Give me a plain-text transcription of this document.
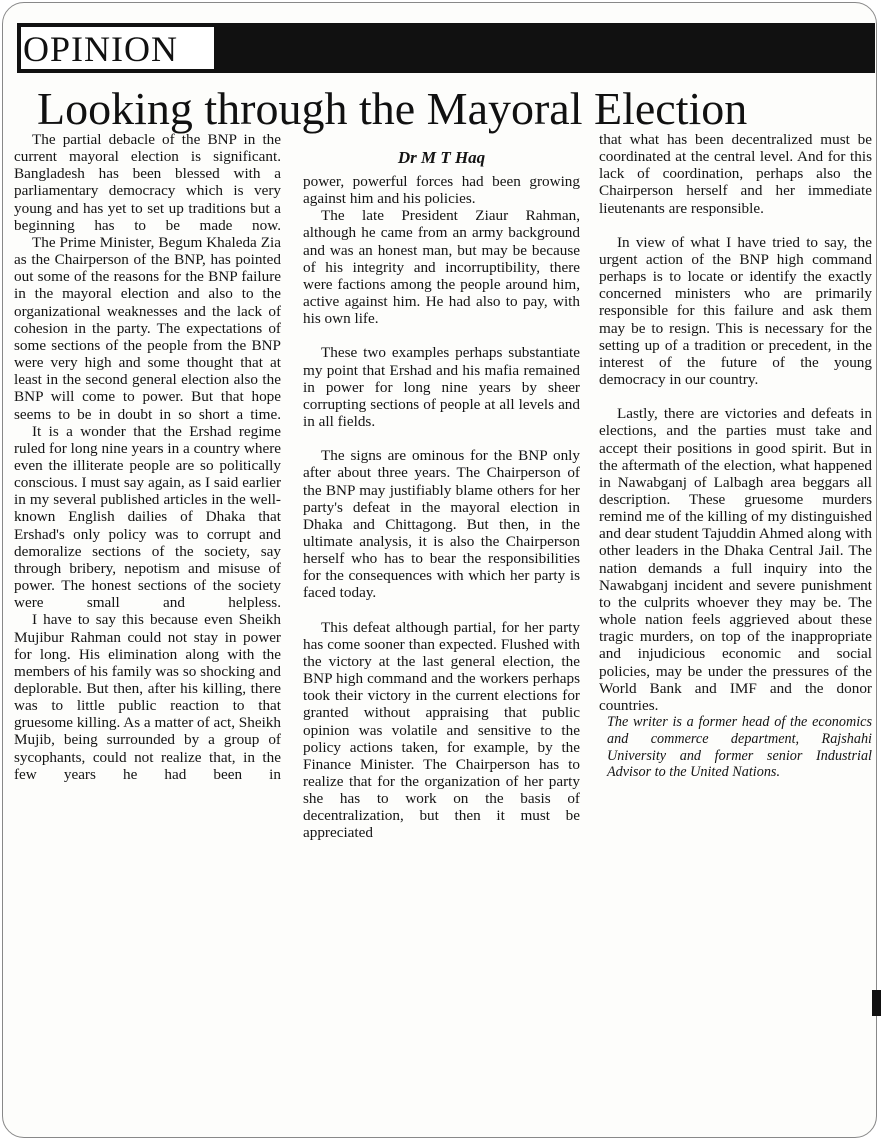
OPINION
Looking through the Mayoral Election

The partial debacle of the BNP in the current mayoral election is significant. Bangladesh has been blessed with a parliamentary democracy which is very young and has yet to set up traditions but a beginning has to be made now.

The Prime Minister, Begum Khaleda Zia as the Chairperson of the BNP, has pointed out some of the reasons for the BNP failure in the mayoral election and also to the organizational weaknesses and the lack of cohesion in the party. The expectations of some sections of the people from the BNP were very high and some thought that at least in the second general election also the BNP will come to power. But that hope seems to be in doubt in so short a time.

It is a wonder that the Ershad regime ruled for long nine years in a country where even the illiterate people are so politically conscious. I must say again, as I said earlier in my several published articles in the well-known English dailies of Dhaka that Ershad's only policy was to corrupt and demoralize sections of the society, say through bribery, nepotism and misuse of power. The honest sections of the society were small and helpless.

I have to say this because even Sheikh Mujibur Rahman could not stay in power for long. His elimination along with the members of his family was so shocking and deplorable. But then, after his killing, there was to little public reaction to that gruesome killing. As a matter of act, Sheikh Mujib, being surrounded by a group of sycophants, could not realize that, in the few years he had been in

Dr M T Haq

power, powerful forces had been growing against him and his policies.

The late President Ziaur Rahman, although he came from an army background and was an honest man, but may be because of his integrity and incorruptibility, there were factions among the people around him, active against him. He had also to pay, with his own life.

These two examples perhaps substantiate my point that Ershad and his mafia remained in power for long nine years by sheer corrupting sections of people at all levels and in all fields.

The signs are ominous for the BNP only after about three years. The Chairperson of the BNP may justifiably blame others for her party's defeat in the mayoral election in Dhaka and Chittagong. But then, in the ultimate analysis, it is also the Chairperson herself who has to bear the responsibilities for the consequences with which her party is faced today.

This defeat although partial, for her party has come sooner than expected. Flushed with the victory at the last general election, the BNP high command and the workers perhaps took their victory in the current elections for granted without appraising that public opinion was volatile and sensitive to the policy actions taken, for example, by the Finance Minister. The Chairperson has to realize that for the organization of her party she has to work on the basis of decentralization, but then it must be appreciated

that what has been decentralized must be coordinated at the central level. And for this lack of coordination, perhaps also the Chairperson herself and her immediate lieutenants are responsible.

In view of what I have tried to say, the urgent action of the BNP high command perhaps is to locate or identify the exactly concerned ministers who are primarily responsible for this failure and ask them may be to resign. This is necessary for the setting up of a tradition or precedent, in the interest of the future of the young democracy in our country.

Lastly, there are victories and defeats in elections, and the parties must take and accept their positions in good spirit. But in the aftermath of the election, what happened in Nawabganj of Lalbagh area beggars all description. These gruesome murders remind me of the killing of my distinguished and dear student Tajuddin Ahmed along with other leaders in the Dhaka Central Jail. The nation demands a full inquiry into the Nawabganj incident and severe punishment to the culprits whoever they may be. The whole nation feels aggrieved about these tragic murders, on top of the inappropriate and injudicious economic and social policies, may be under the pressures of the World Bank and IMF and the donor countries.

The writer is a former head of the economics and commerce department, Rajshahi University and former senior Industrial Advisor to the United Nations.
